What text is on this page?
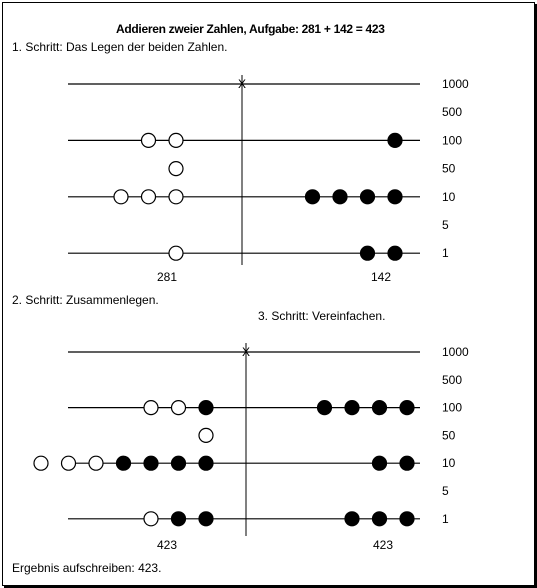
Addieren zweier Zahlen, Aufgabe: 281 + 142 = 423
1. Schritt: Das Legen der beiden Zahlen.
2. Schritt: Zusammenlegen.
3. Schritt: Vereinfachen.
Ergebnis aufschreiben: 423.
X	1000
500
100
50
10
5
1
281	142
X	1000
500
100
50
10
5
1
423	423
